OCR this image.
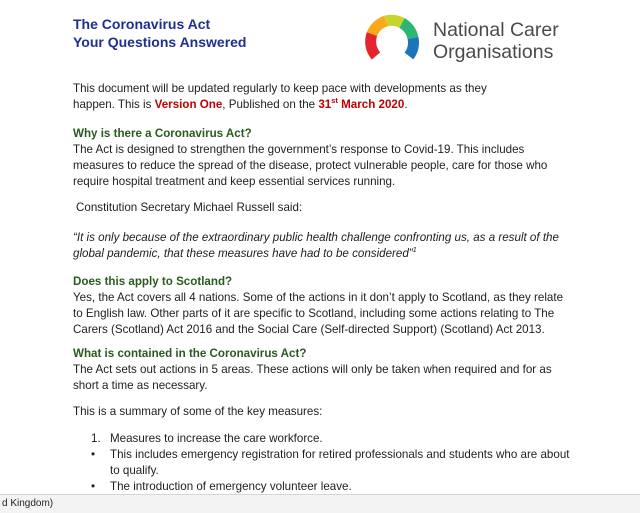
The Coronavirus Act
Your Questions Answered
National Carer
Organisations
This document will be updated regularly to keep pace with developments as they
happen. This is Version One, Published on the 31st March 2020.
Why is there a Coronavirus Act?
The Act is designed to strengthen the government’s response to Covid-19. This includes
measures to reduce the spread of the disease, protect vulnerable people, care for those who
require hospital treatment and keep essential services running.
Constitution Secretary Michael Russell said:
“It is only because of the extraordinary public health challenge confronting us, as a result of the
global pandemic, that these measures have had to be considered”$^1$
Does this apply to Scotland?
Yes, the Act covers all 4 nations. Some of the actions in it don’t apply to Scotland, as they relate
to English law. Other parts of it are specific to Scotland, including some actions relating to The
Carers (Scotland) Act 2016 and the Social Care (Self-directed Support) (Scotland) Act 2013.
What is contained in the Coronavirus Act?
The Act sets out actions in 5 areas. These actions will only be taken when required and for as
short a time as necessary.
This is a summary of some of the key measures:
1. Measures to increase the care workforce.
• This includes emergency registration for retired professionals and students who are about
to qualify.
• The introduction of emergency volunteer leave.
d Kingdom)
